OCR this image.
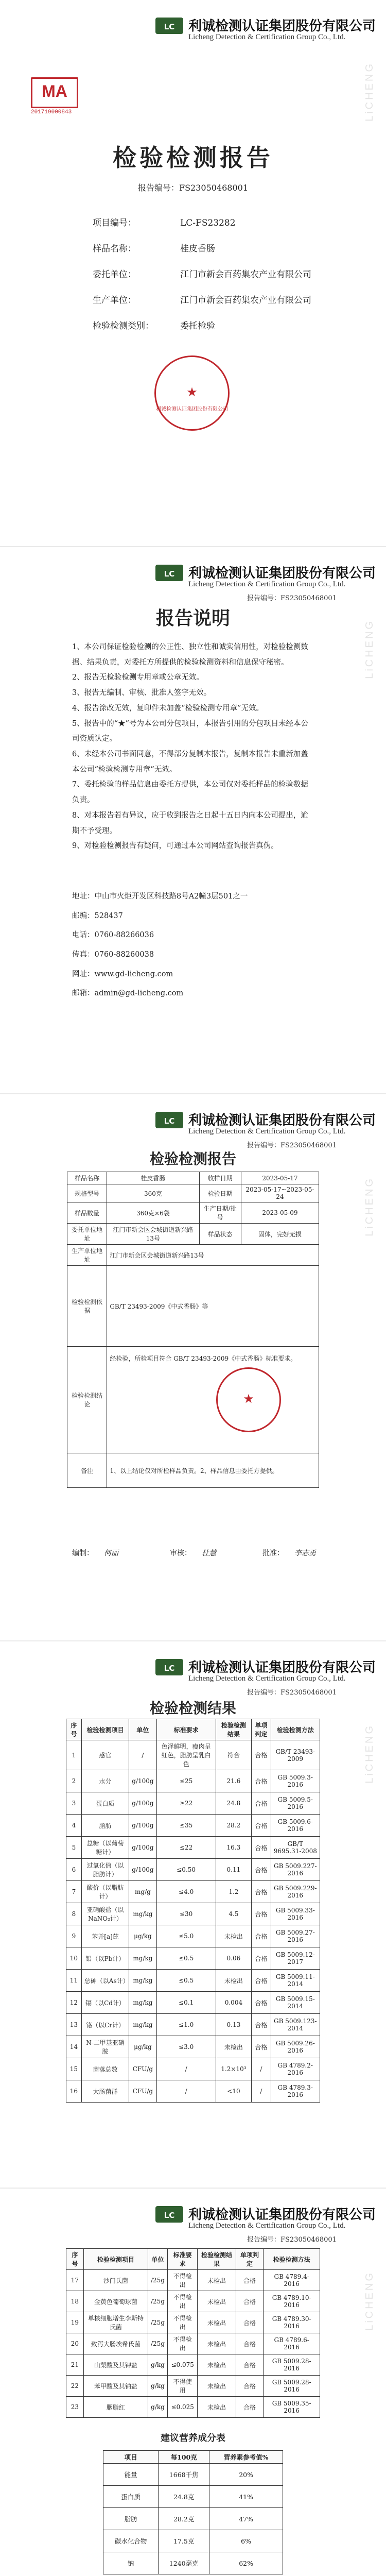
LC 利诚检测认证集团股份有限公司
Licheng Detection & Certification Group Co., Ltd.
MA
201719000843	LiCHENG
检验检测报告
报告编号：FS23050468001
项目编号：	LC-FS23282
样品名称：	桂皮香肠
委托单位：	江门市新会百药集农产业有限公司
生产单位：	江门市新会百药集农产业有限公司
检验检测类别：	委托检验
★
利诚检测认证集团股份有限公司
LC 利诚检测认证集团股份有限公司
Licheng Detection & Certification Group Co., Ltd.
报告编号：FS23050468001
LiCHENG
报告说明
1、本公司保证检验检测的公正性、独立性和诚实信用性，对检验检测数据、结果负责，对委托方所提供的检验检测资料和信息保守秘密。
2、报告无检验检测专用章或公章无效。
3、报告无编制、审核、批准人签字无效。
4、报告涂改无效，复印件未加盖“检验检测专用章”无效。
5、报告中的“★”号为本公司分包项目，本报告引用的分包项目未经本公司资质认定。
6、未经本公司书面同意，不得部分复制本报告，复制本报告未重新加盖本公司“检验检测专用章”无效。
7、委托检验的样品信息由委托方提供，本公司仅对委托样品的检验数据负责。
8、对本报告若有异议，应于收到报告之日起十五日内向本公司提出，逾期不予受理。
9、对检验检测报告有疑问，可通过本公司网站查询报告真伪。
地址：中山市火炬开发区科技路8号A2幢3层501之一
邮编：528437
电话：0760-88266036
传真：0760-88260038
网址：www.gd-licheng.com
邮箱：admin@gd-licheng.com
LC 利诚检测认证集团股份有限公司
Licheng Detection & Certification Group Co., Ltd.
报告编号：FS23050468001
LiCHENG
检验检测报告
样品名称	桂皮香肠	收样日期	2023-05-17
规格型号	360克	检验日期	2023-05-17~2023-05-24
样品数量	360克×6袋	生产日期/批号	2023-05-09
委托单位地址	江门市新会区会城街道新兴路13号	样品状态	固体，完好无损
生产单位地址	江门市新会区会城街道新兴路13号		
检验检测依据	GB/T 23493-2009《中式香肠》等		
检验检测结论	经检验，所检项目符合 GB/T 23493-2009《中式香肠》标准要求。		
备注	1、以上结论仅对所检样品负责。2、样品信息由委托方提供。		
★
编制： 何丽	审核： 杜慧	批准： 李志勇
LC 利诚检测认证集团股份有限公司
Licheng Detection & Certification Group Co., Ltd.
报告编号：FS23050468001
LiCHENG
检验检测结果
序号	检验检测项目	单位	标准要求	检验检测结果	单项判定	检验检测方法
1	感官	/	色泽鲜明，瘦肉呈红色，脂肪呈乳白色	符合	合格	GB/T 23493-2009
2	水分	g/100g	≤25	21.6	合格	GB 5009.3-2016
3	蛋白质	g/100g	≥22	24.8	合格	GB 5009.5-2016
4	脂肪	g/100g	≤35	28.2	合格	GB 5009.6-2016
5	总糖（以葡萄糖计）	g/100g	≤22	16.3	合格	GB/T 9695.31-2008
6	过氧化值（以脂肪计）	g/100g	≤0.50	0.11	合格	GB 5009.227-2016
7	酸价（以脂肪计）	mg/g	≤4.0	1.2	合格	GB 5009.229-2016
8	亚硝酸盐（以NaNO₂计）	mg/kg	≤30	4.5	合格	GB 5009.33-2016
9	苯并[a]芘	μg/kg	≤5.0	未检出	合格	GB 5009.27-2016
10	铅（以Pb计）	mg/kg	≤0.5	0.06	合格	GB 5009.12-2017
11	总砷（以As计）	mg/kg	≤0.5	未检出	合格	GB 5009.11-2014
12	镉（以Cd计）	mg/kg	≤0.1	0.004	合格	GB 5009.15-2014
13	铬（以Cr计）	mg/kg	≤1.0	0.13	合格	GB 5009.123-2014
14	N-二甲基亚硝胺	μg/kg	≤3.0	未检出	合格	GB 5009.26-2016
15	菌落总数	CFU/g	/	1.2×10³	/	GB 4789.2-2016
16	大肠菌群	CFU/g	/	<10	/	GB 4789.3-2016
LC 利诚检测认证集团股份有限公司
Licheng Detection & Certification Group Co., Ltd.
报告编号：FS23050468001
LiCHENG
序号	检验检测项目	单位	标准要求	检验检测结果	单项判定	检验检测方法
17	沙门氏菌	/25g	不得检出	未检出	合格	GB 4789.4-2016
18	金黄色葡萄球菌	/25g	不得检出	未检出	合格	GB 4789.10-2016
19	单核细胞增生李斯特氏菌	/25g	不得检出	未检出	合格	GB 4789.30-2016
20	致泻大肠埃希氏菌	/25g	不得检出	未检出	合格	GB 4789.6-2016
21	山梨酸及其钾盐	g/kg	≤0.075	未检出	合格	GB 5009.28-2016
22	苯甲酸及其钠盐	g/kg	不得使用	未检出	合格	GB 5009.28-2016
23	胭脂红	g/kg	≤0.025	未检出	合格	GB 5009.35-2016
建议营养成分表
项目	每100克	营养素参考值%
能量	1668千焦	20%
蛋白质	24.8克	41%
脂肪	28.2克	47%
碳水化合物	17.5克	6%
钠	1240毫克	62%
